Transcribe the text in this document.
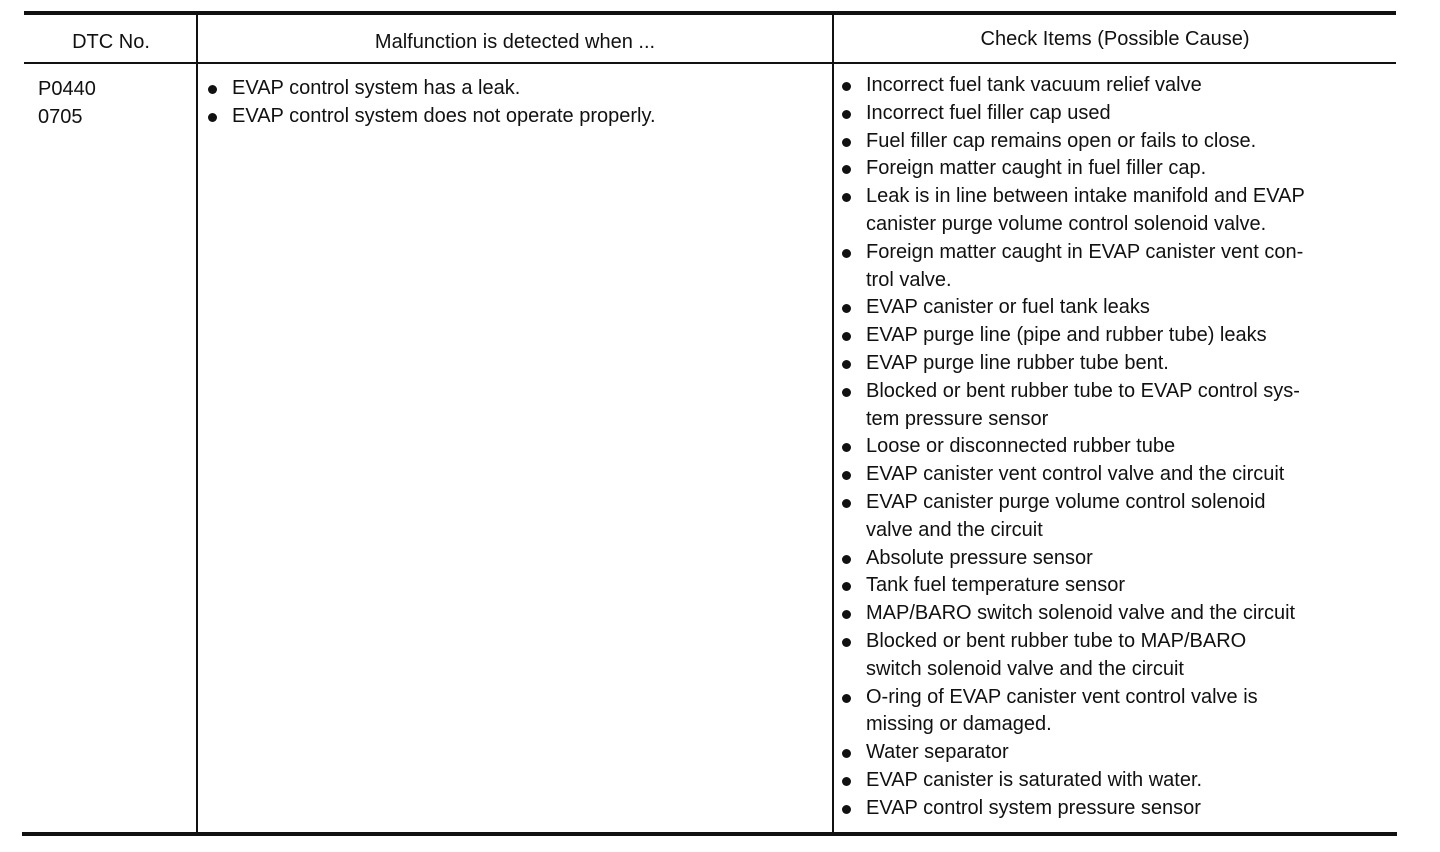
DTC No.	Malfunction is detected when ...	Check Items (Possible Cause)
P0440
0705
EVAP control system has a leak.
EVAP control system does not operate properly.
Incorrect fuel tank vacuum relief valve
Incorrect fuel filler cap used
Fuel filler cap remains open or fails to close.
Foreign matter caught in fuel filler cap.
Leak is in line between intake manifold and EVAP
canister purge volume control solenoid valve.
Foreign matter caught in EVAP canister vent con-
trol valve.
EVAP canister or fuel tank leaks
EVAP purge line (pipe and rubber tube) leaks
EVAP purge line rubber tube bent.
Blocked or bent rubber tube to EVAP control sys-
tem pressure sensor
Loose or disconnected rubber tube
EVAP canister vent control valve and the circuit
EVAP canister purge volume control solenoid
valve and the circuit
Absolute pressure sensor
Tank fuel temperature sensor
MAP/BARO switch solenoid valve and the circuit
Blocked or bent rubber tube to MAP/BARO
switch solenoid valve and the circuit
O-ring of EVAP canister vent control valve is
missing or damaged.
Water separator
EVAP canister is saturated with water.
EVAP control system pressure sensor
